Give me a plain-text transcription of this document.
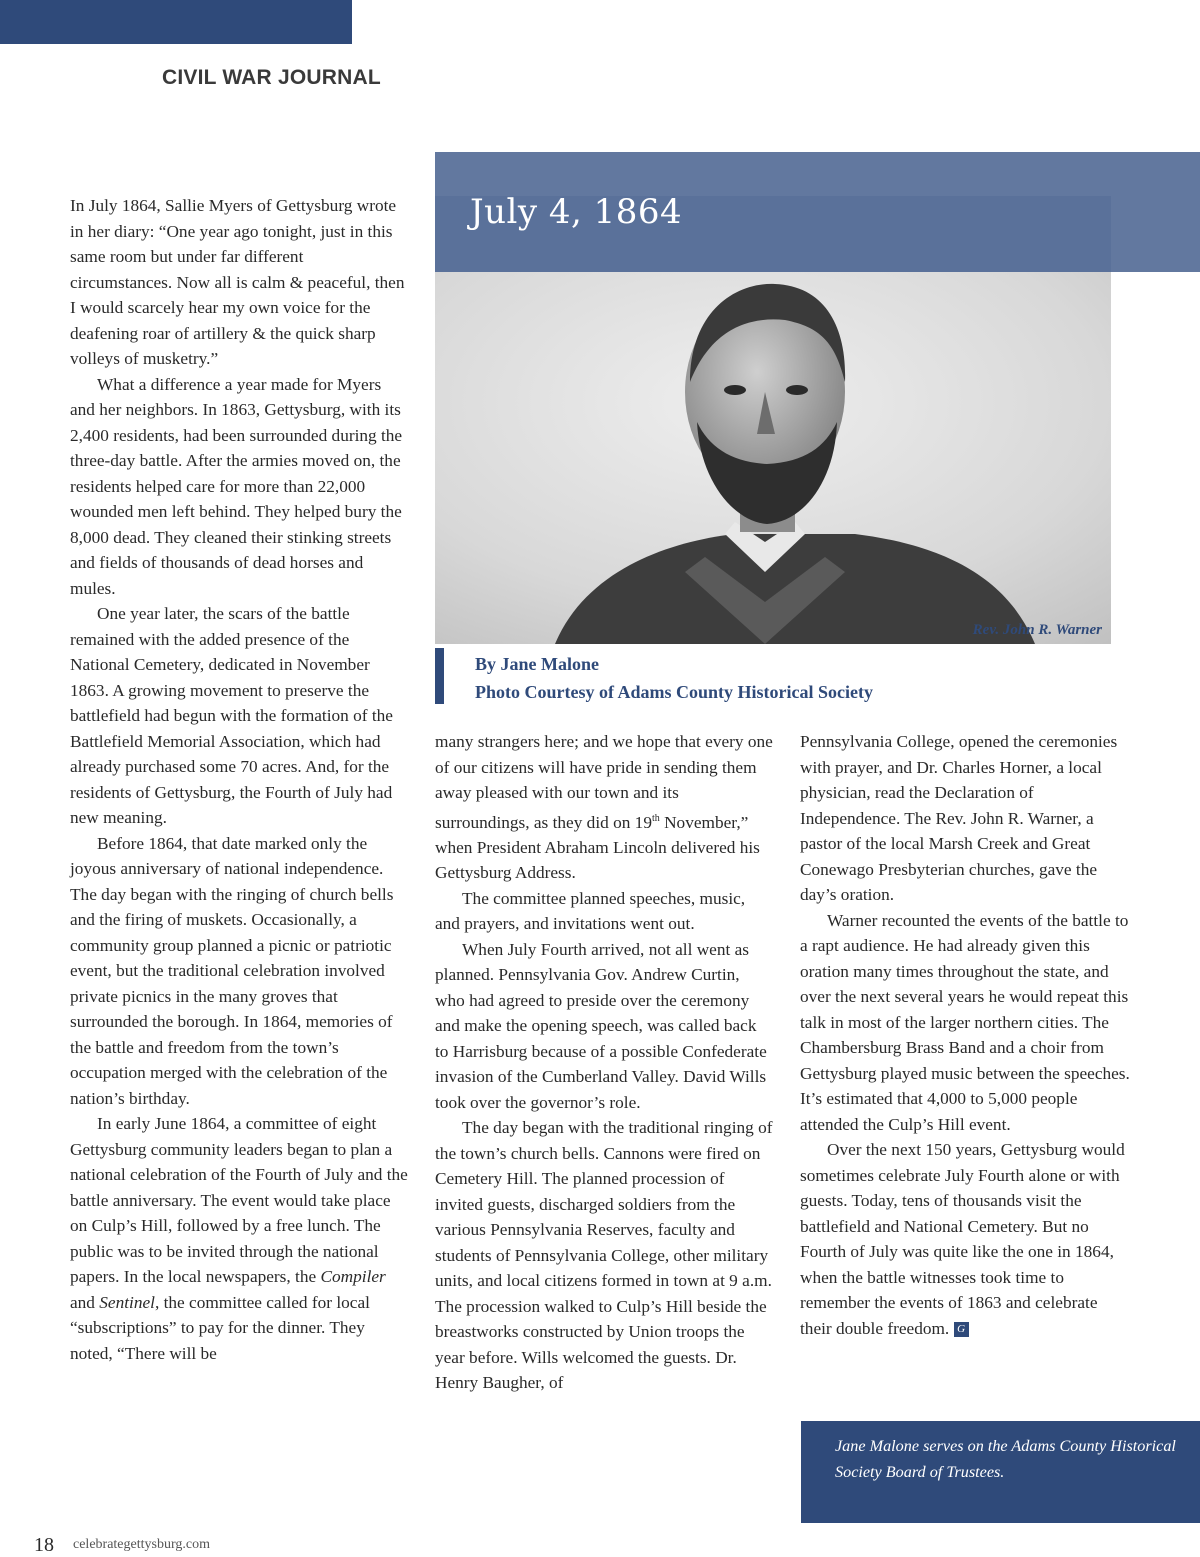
CIVIL WAR JOURNAL
July 4, 1864
Rev. John R. Warner
By Jane Malone
Photo Courtesy of Adams County Historical Society

In July 1864, Sallie Myers of Gettysburg wrote in her diary: “One year ago tonight, just in this same room but under far different circumstances. Now all is calm & peaceful, then I would scarcely hear my own voice for the deafening roar of artillery & the quick sharp volleys of musketry.”

What a difference a year made for Myers and her neighbors. In 1863, Gettysburg, with its 2,400 residents, had been surrounded during the three-day battle. After the armies moved on, the residents helped care for more than 22,000 wounded men left behind. They helped bury the 8,000 dead. They cleaned their stinking streets and fields of thousands of dead horses and mules.

One year later, the scars of the battle remained with the added presence of the National Cemetery, dedicated in November 1863. A growing movement to preserve the battlefield had begun with the formation of the Battlefield Memorial Association, which had already purchased some 70 acres. And, for the residents of Gettysburg, the Fourth of July had new meaning.

Before 1864, that date marked only the joyous anniversary of national independence. The day began with the ringing of church bells and the firing of muskets. Occasionally, a community group planned a picnic or patriotic event, but the traditional celebration involved private picnics in the many groves that surrounded the borough. In 1864, memories of the battle and freedom from the town’s occupation merged with the celebration of the nation’s birthday.

In early June 1864, a committee of eight Gettysburg community leaders began to plan a national celebration of the Fourth of July and the battle anniversary. The event would take place on Culp’s Hill, followed by a free lunch. The public was to be invited through the national papers. In the local newspapers, the Compiler and Sentinel, the committee called for local “subscriptions” to pay for the dinner. They noted, “There will be

many strangers here; and we hope that every one of our citizens will have pride in sending them away pleased with our town and its surroundings, as they did on 19th November,” when President Abraham Lincoln delivered his Gettysburg Address.

The committee planned speeches, music, and prayers, and invitations went out.

When July Fourth arrived, not all went as planned. Pennsylvania Gov. Andrew Curtin, who had agreed to preside over the ceremony and make the opening speech, was called back to Harrisburg because of a possible Confederate invasion of the Cumberland Valley. David Wills took over the governor’s role.

The day began with the traditional ringing of the town’s church bells. Cannons were fired on Cemetery Hill. The planned procession of invited guests, discharged soldiers from the various Pennsylvania Reserves, faculty and students of Pennsylvania College, other military units, and local citizens formed in town at 9 a.m. The procession walked to Culp’s Hill beside the breastworks constructed by Union troops the year before. Wills welcomed the guests. Dr. Henry Baugher, of

Pennsylvania College, opened the ceremonies with prayer, and Dr. Charles Horner, a local physician, read the Declaration of Independence. The Rev. John R. Warner, a pastor of the local Marsh Creek and Great Conewago Presbyterian churches, gave the day’s oration.

Warner recounted the events of the battle to a rapt audience. He had already given this oration many times throughout the state, and over the next several years he would repeat this talk in most of the larger northern cities. The Chambersburg Brass Band and a choir from Gettysburg played music between the speeches. It’s estimated that 4,000 to 5,000 people attended the Culp’s Hill event.

Over the next 150 years, Gettysburg would sometimes celebrate July Fourth alone or with guests. Today, tens of thousands visit the battlefield and National Cemetery. But no Fourth of July was quite like the one in 1864, when the battle witnesses took time to remember the events of 1863 and celebrate their double freedom. G

Jane Malone serves on the Adams County Historical Society Board of Trustees.
18 celebrategettysburg.com
